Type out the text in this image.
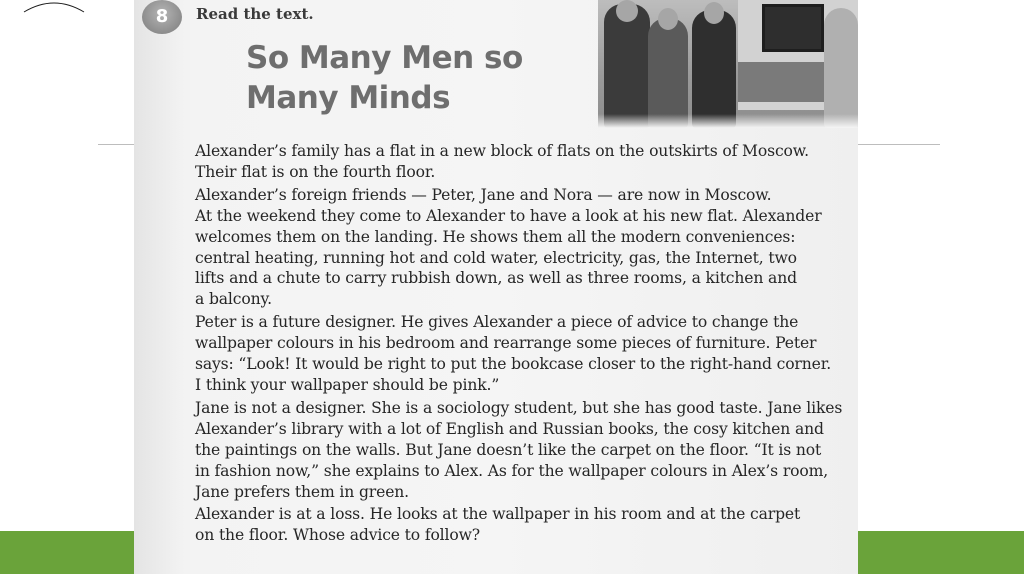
8	Read the text.
So Many Men so
Many Minds

Alexander’s family has a flat in a new block of flats on the outskirts of Moscow.
Their flat is on the fourth floor.

Alexander’s foreign friends — Peter, Jane and Nora — are now in Moscow.
At the weekend they come to Alexander to have a look at his new flat. Alexander
welcomes them on the landing. He shows them all the modern conveniences:
central heating, running hot and cold water, electricity, gas, the Internet, two
lifts and a chute to carry rubbish down, as well as three rooms, a kitchen and
a balcony.

Peter is a future designer. He gives Alexander a piece of advice to change the
wallpaper colours in his bedroom and rearrange some pieces of furniture. Peter
says: “Look! It would be right to put the bookcase closer to the right-hand corner.
I think your wallpaper should be pink.”

Jane is not a designer. She is a sociology student, but she has good taste. Jane likes
Alexander’s library with a lot of English and Russian books, the cosy kitchen and
the paintings on the walls. But Jane doesn’t like the carpet on the floor. “It is not
in fashion now,” she explains to Alex. As for the wallpaper colours in Alex’s room,
Jane prefers them in green.

Alexander is at a loss. He looks at the wallpaper in his room and at the carpet
on the floor. Whose advice to follow?
